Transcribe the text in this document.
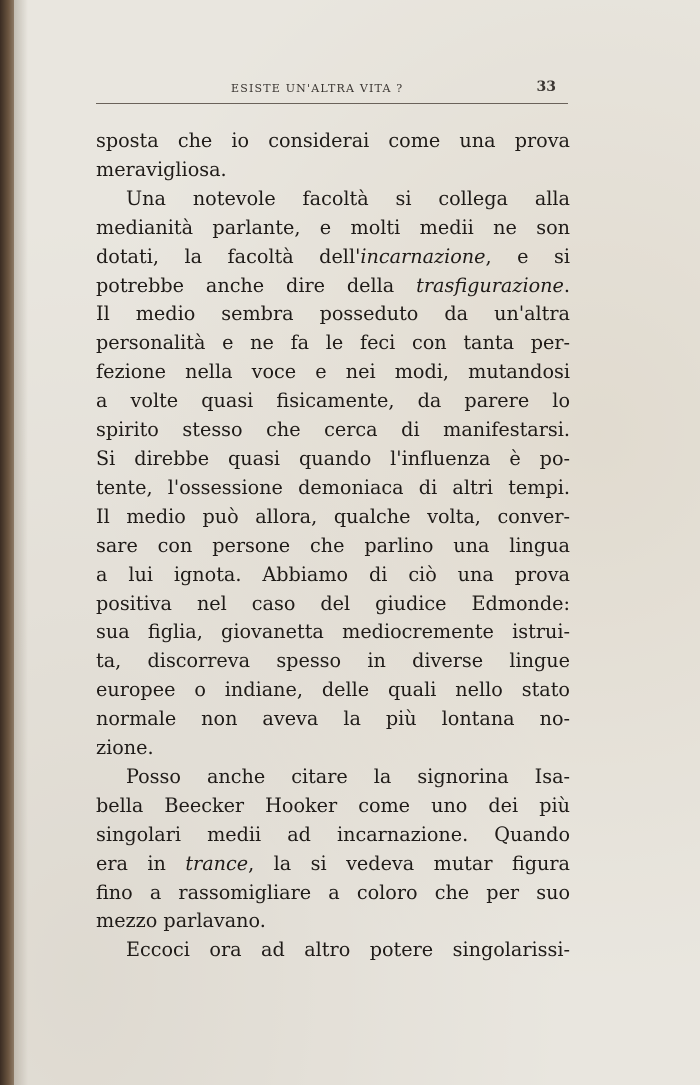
ESISTE UN'ALTRA VITA ?	33
sposta che io considerai come una prova
meravigliosa.
Una notevole facoltà si collega alla
medianità parlante, e molti medii ne son
dotati, la facoltà dell'incarnazione, e si
potrebbe anche dire della trasfigurazione.
Il medio sembra posseduto da un'altra
personalità e ne fa le feci con tanta per-
fezione nella voce e nei modi, mutandosi
a volte quasi fisicamente, da parere lo
spirito stesso che cerca di manifestarsi.
Si direbbe quasi quando l'influenza è po-
tente, l'ossessione demoniaca di altri tempi.
Il medio può allora, qualche volta, conver-
sare con persone che parlino una lingua
a lui ignota. Abbiamo di ciò una prova
positiva nel caso del giudice Edmonde:
sua figlia, giovanetta mediocremente istrui-
ta, discorreva spesso in diverse lingue
europee o indiane, delle quali nello stato
normale non aveva la più lontana no-
zione.
Posso anche citare la signorina Isa-
bella Beecker Hooker come uno dei più
singolari medii ad incarnazione. Quando
era in trance, la si vedeva mutar figura
fino a rassomigliare a coloro che per suo
mezzo parlavano.
Eccoci ora ad altro potere singolarissi-
